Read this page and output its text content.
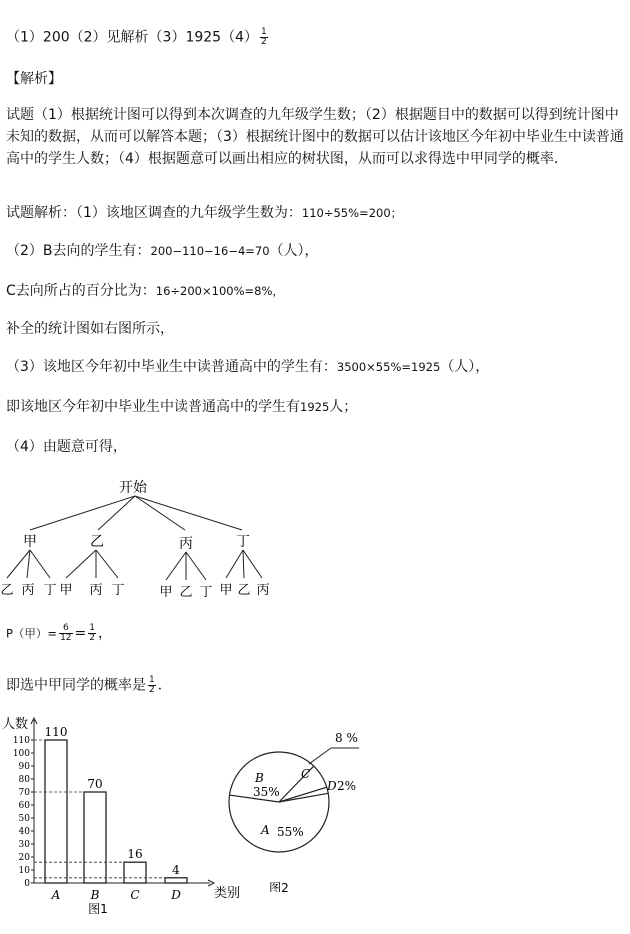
（1）200（2）见解析$(3)1925(4) \frac{1}{2}$
【解析】
试题（1）根据统计图可以得到本次调查的九年级学生数；（2）根据题目中的数据可以得到统计图中未知的数据，从而可以解答本题；（3）根据统计图中的数据可以估计该地区今年初中毕业生中读普通高中的学生人数；（4）根据题意可以画出相应的树状图，从而可以求得选中甲同学的概率．
试题解析：（1）该地区调查的九年级学生数为：110÷55%=200；
（2）B去向的学生有：200−110−16−4=70（人），
C去向所占的百分比为：16÷200×100%=8%，
补全的统计图如右图所示，
（3）该地区今年初中毕业生中读普通高中的学生有：3500×55%=1925（人），
即该地区今年初中毕业生中读普通高中的学生有1925人；
（4）由题意可得，
开始
甲	乙	丙	丁
乙 丙 丁 甲 丙 丁	甲 乙 丁 甲 乙 丙
P（甲）= $\frac{6}{12} = \frac{1}{2}$ ，
即选中甲同学的概率是 $\frac{1}{2}$ ．
人数
类别
0
10
20
30
40
50
60
70
80
90
100
110
110
A
70
B
16
C
4
D
图1
A 55%
B
35%
C
8 %
D 2%
图2
